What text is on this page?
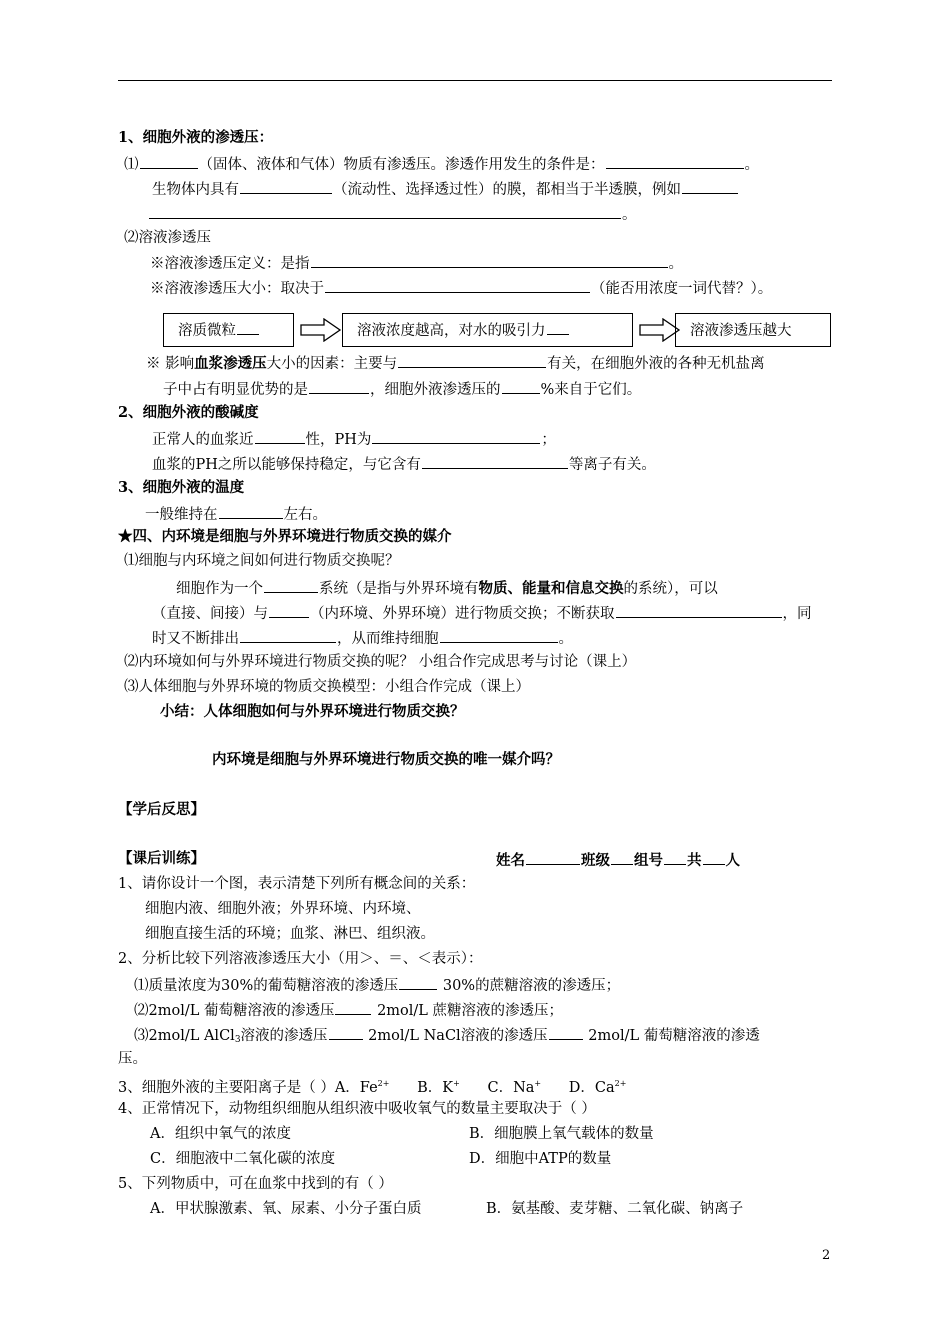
1、细胞外液的渗透压：
⑴	（固体、液体和气体）物质有渗透压。渗透作用发生的条件是：	。
生物体内具有	（流动性、选择透过性）的膜，都相当于半透膜，例如
。
⑵溶液渗透压
※溶液渗透压定义：是指	。
※溶液渗透压大小：取决于	（能否用浓度一词代替？）。
溶质微粒	溶液浓度越高，对水的吸引力	溶液渗透压越大
※ 影响血浆渗透压大小的因素：主要与	有关，在细胞外液的各种无机盐离
子中占有明显优势的是	，细胞外液渗透压的	%来自于它们。
2、细胞外液的酸碱度
正常人的血浆近	性，PH为	；
血浆的PH之所以能够保持稳定，与它含有	等离子有关。
3、细胞外液的温度
一般维持在	左右。
★四、内环境是细胞与外界环境进行物质交换的媒介
⑴细胞与内环境之间如何进行物质交换呢？
细胞作为一个	系统（是指与外界环境有物质、能量和信息交换的系统），可以
（直接、间接）与	（内环境、外界环境）进行物质交换；不断获取	，同
时又不断排出	，从而维持细胞	。
⑵内环境如何与外界环境进行物质交换的呢？ 小组合作完成思考与讨论（课上）
⑶人体细胞与外界环境的物质交换模型：小组合作完成（课上）
小结：人体细胞如何与外界环境进行物质交换？
内环境是细胞与外界环境进行物质交换的唯一媒介吗？
【学后反思】
【课后训练】	姓名	班级 组号 共 人
1、请你设计一个图，表示清楚下列所有概念间的关系：
细胞内液、细胞外液；外界环境、内环境、
细胞直接生活的环境；血浆、淋巴、组织液。
2、分析比较下列溶液渗透压大小（用＞、＝、＜表示）：
⑴质量浓度为30%的葡萄糖溶液的渗透压	30%的蔗糖溶液的渗透压；
⑵2mol/L 葡萄糖溶液的渗透压	2mol/L 蔗糖溶液的渗透压；
⑶2mol/L AlCl$_3$溶液的渗透压	2mol/L NaCl溶液的渗透压	2mol/L 葡萄糖溶液的渗透
压。
3、细胞外液的主要阳离子是（ ）A．$Fe^{2+}$ B．K+ C．Na+ D．$Ca^{2+}$
4、正常情况下，动物组织细胞从组织液中吸收氧气的数量主要取决于（ ）
A．组织中氧气的浓度	B．细胞膜上氧气载体的数量
C．细胞液中二氧化碳的浓度	D．细胞中ATP的数量
5、下列物质中，可在血浆中找到的有（ ）
A．甲状腺激素、氧、尿素、小分子蛋白质	B．氨基酸、麦芽糖、二氧化碳、钠离子
2
